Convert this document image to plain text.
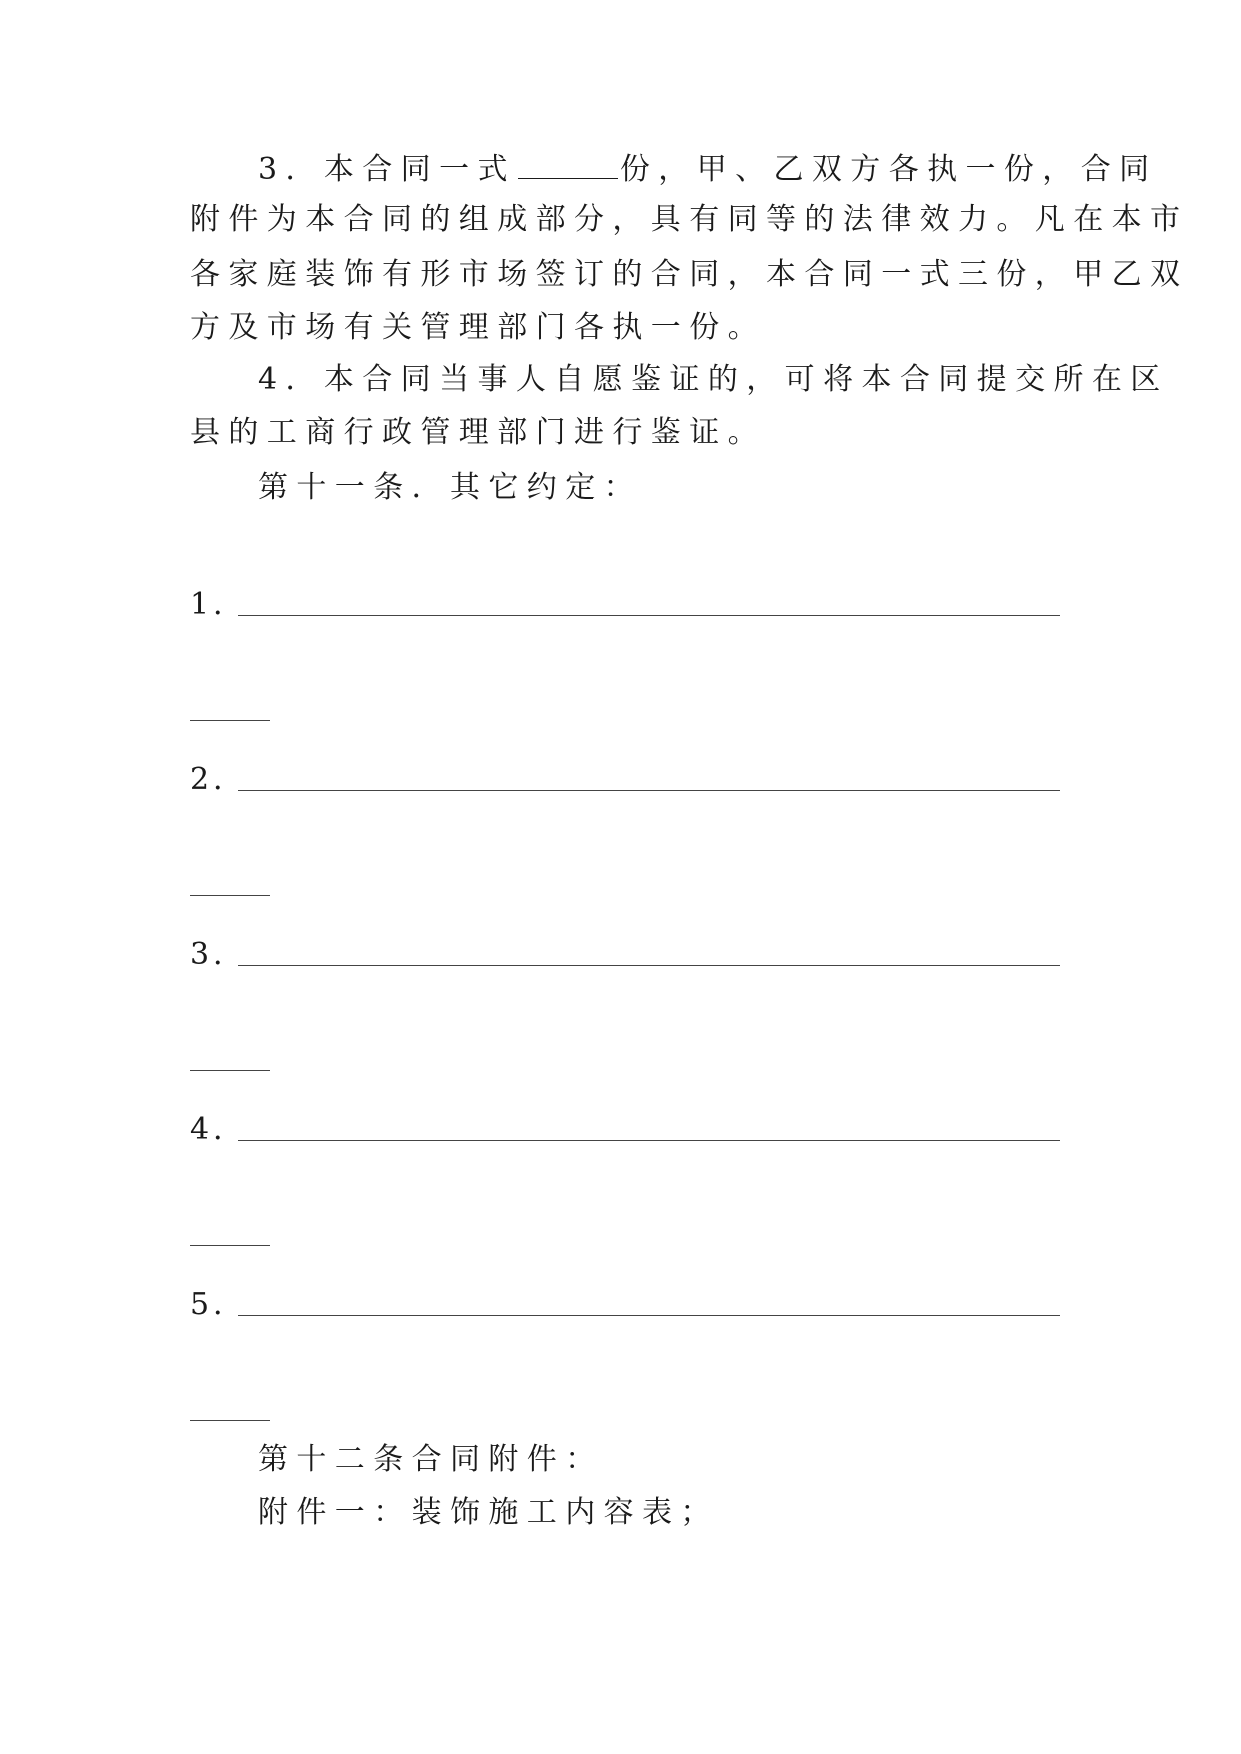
3．本合同一式	份，甲、乙双方各执一份，合同
附件为本合同的组成部分，具有同等的法律效力。凡在本市
各家庭装饰有形市场签订的合同，本合同一式三份，甲乙双
方及市场有关管理部门各执一份。
4．本合同当事人自愿鉴证的，可将本合同提交所在区
县的工商行政管理部门进行鉴证。
第十一条．其它约定：
1．
2．
3．
4．
5．
第十二条合同附件：
附件一：装饰施工内容表；
